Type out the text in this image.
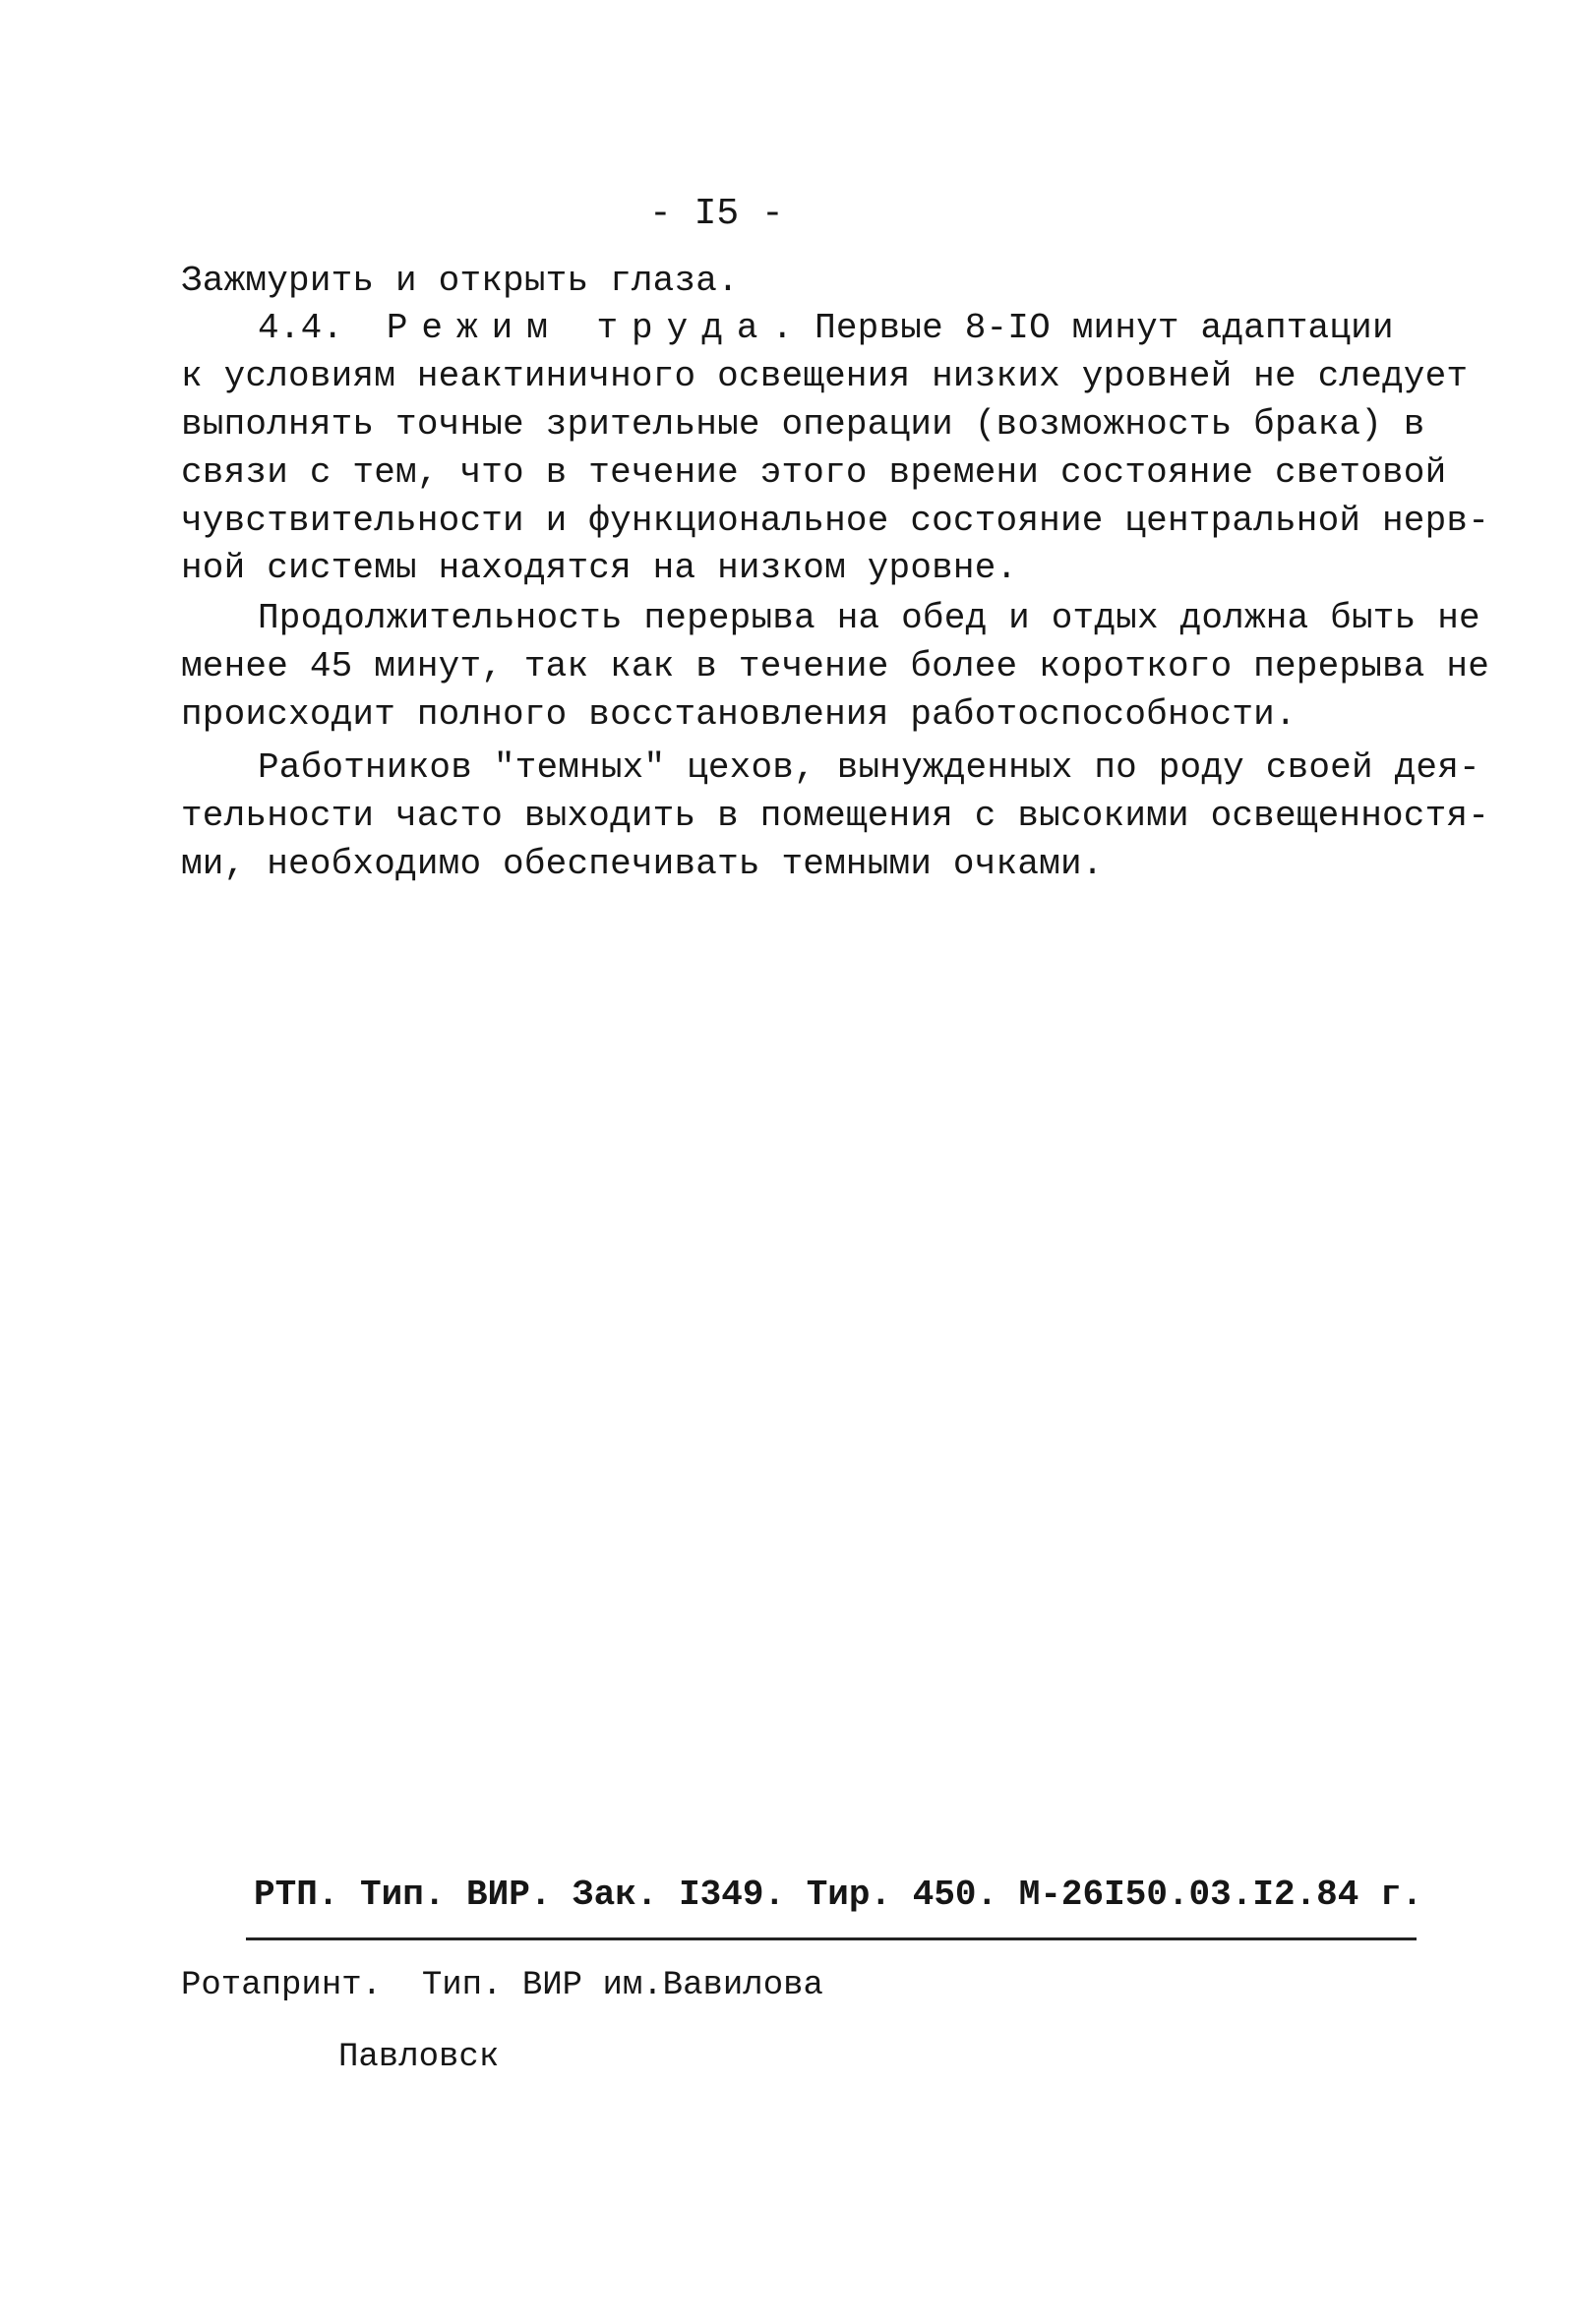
- I5 -
Зажмурить и открыть глаза.
4.4. Режим труда. Первые 8-IO минут адаптации
к условиям неактиничного освещения низких уровней не следует
выполнять точные зрительные операции (возможность брака) в
связи с тем, что в течение этого времени состояние световой
чувствительности и функциональное состояние центральной нерв-
ной системы находятся на низком уровне.
Продолжительность перерыва на обед и отдых должна быть не
менее 45 минут, так как в течение более короткого перерыва не
происходит полного восстановления работоспособности.
Работников "темных" цехов, вынужденных по роду своей дея-
тельности часто выходить в помещения с высокими освещенностя-
ми, необходимо обеспечивать темными очками.
РТП. Тип. ВИР. Зак. I349. Тир. 450. М-26I50.03.I2.84 г.
Ротапринт.  Тип. ВИР им.Вавилова
Павловск
